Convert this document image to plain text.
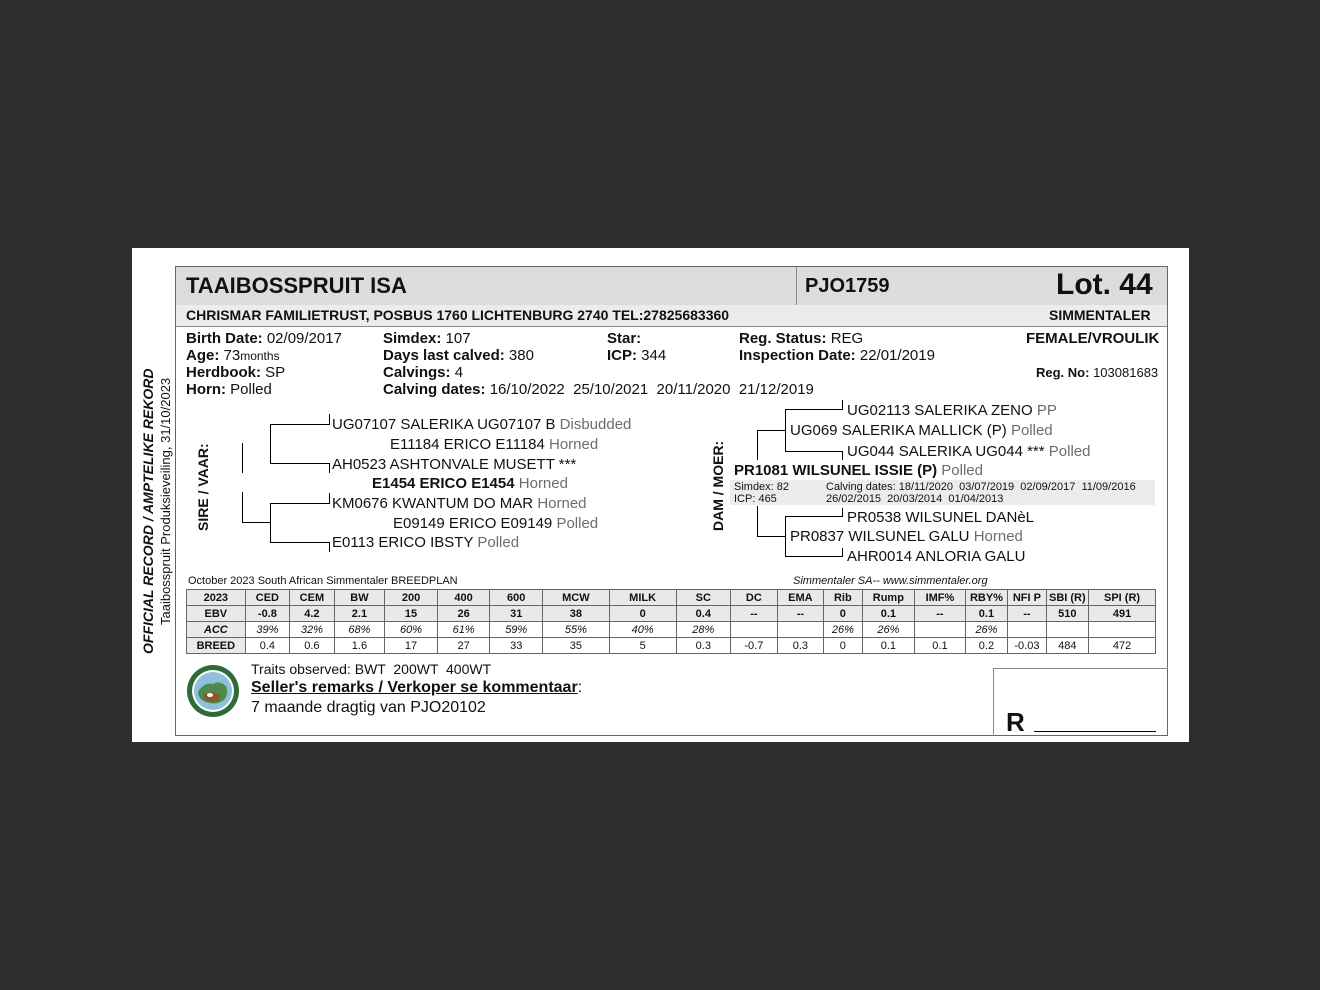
OFFICIAL RECORD / AMPTELIKE REKORD Taaibosspruit Produksieveiling, 31/10/2023
TAAIBOSSPRUIT ISA	PJO1759	Lot. 44
CHRISMAR FAMILIETRUST, POSBUS 1760 LICHTENBURG 2740 TEL:27825683360	SIMMENTALER
Birth Date: 02/09/2017
Age: 73months
Herdbook: SP
Horn: Polled
Simdex: 107
Days last calved: 380
Calvings: 4
Calving dates: 16/10/2022  25/10/2021  20/11/2020  21/12/2019
Star:
ICP: 344
Reg. Status: REG
Inspection Date: 22/01/2019
FEMALE/VROULIK
Reg. No: 103081683
SIRE / VAAR:
UG07107 SALERIKA UG07107 B Disbudded
E11184 ERICO E11184 Horned
AH0523 ASHTONVALE MUSETT ***
E1454 ERICO E1454 Horned
KM0676 KWANTUM DO MAR Horned
E09149 ERICO E09149 Polled
E0113 ERICO IBSTY Polled
DAM / MOER:
UG02113 SALERIKA ZENO PP
UG069 SALERIKA MALLICK (P) Polled
UG044 SALERIKA UG044 *** Polled
PR1081 WILSUNEL ISSIE (P) Polled
Simdex: 82
ICP: 465
Calving dates: 18/11/2020  03/07/2019  02/09/2017  11/09/2016
26/02/2015  20/03/2014  01/04/2013
PR0538 WILSUNEL DANèL
PR0837 WILSUNEL GALU Horned
AHR0014 ANLORIA GALU
October 2023 South African Simmentaler BREEDPLAN	Simmentaler SA-- www.simmentaler.org
2023	CED	CEM	BW	200	400	600	MCW	MILK	SC	DC	EMA	Rib	Rump	IMF%	RBY%	NFI P	SBI (R)	SPI (R)
EBV	-0.8	4.2	2.1	15	26	31	38	0	0.4	--	--	0	0.1	--	0.1	--	510	491
ACC	39%	32%	68%	60%	61%	59%	55%	40%	28%			26%	26%		26%			
BREED	0.4	0.6	1.6	17	27	33	35	5	0.3	-0.7	0.3	0	0.1	0.1	0.2	-0.03	484	472
Traits observed: BWT  200WT  400WT
Seller's remarks / Verkoper se kommentaar:
7 maande dragtig van PJO20102	R
